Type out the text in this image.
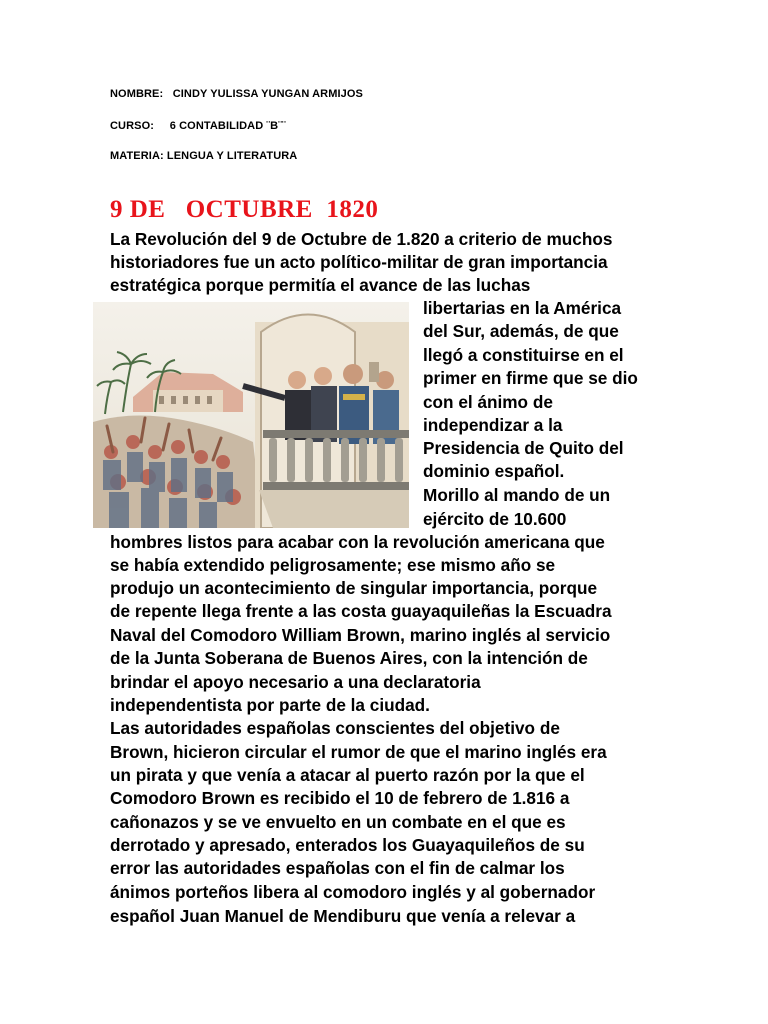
NOMBRE:   CINDY YULISSA YUNGAN ARMIJOS
CURSO:     6 CONTABILIDAD ¨B¨¨
MATERIA: LENGUA Y LITERATURA
9 DE   OCTUBRE  1820
La Revolución del 9 de Octubre de 1.820 a criterio de muchos
historiadores fue un acto político-militar de gran importancia
estratégica porque permitía el avance de las luchas
libertarias en la América
del Sur, además, de que
llegó a constituirse en el
primer en firme que se dio
con el ánimo de
independizar a la
Presidencia de Quito del
dominio español.
Morillo al mando de un
ejército de 10.600
hombres listos para acabar con la revolución americana que
se había extendido peligrosamente; ese mismo año se
produjo un acontecimiento de singular importancia, porque
de repente llega frente a las costa guayaquileñas la Escuadra
Naval del Comodoro William Brown, marino inglés al servicio
de la Junta Soberana de Buenos Aires, con la intención de
brindar el apoyo necesario a una declaratoria
independentista por parte de la ciudad.
Las autoridades españolas conscientes del objetivo de
Brown, hicieron circular el rumor de que el marino inglés era
un pirata y que venía a atacar al puerto razón por la que el
Comodoro Brown es recibido el 10 de febrero de 1.816 a
cañonazos y se ve envuelto en un combate en el que es
derrotado y apresado, enterados los Guayaquileños de su
error las autoridades españolas con el fin de calmar los
ánimos porteños libera al comodoro inglés y al gobernador
español Juan Manuel de Mendiburu que venía a relevar a
